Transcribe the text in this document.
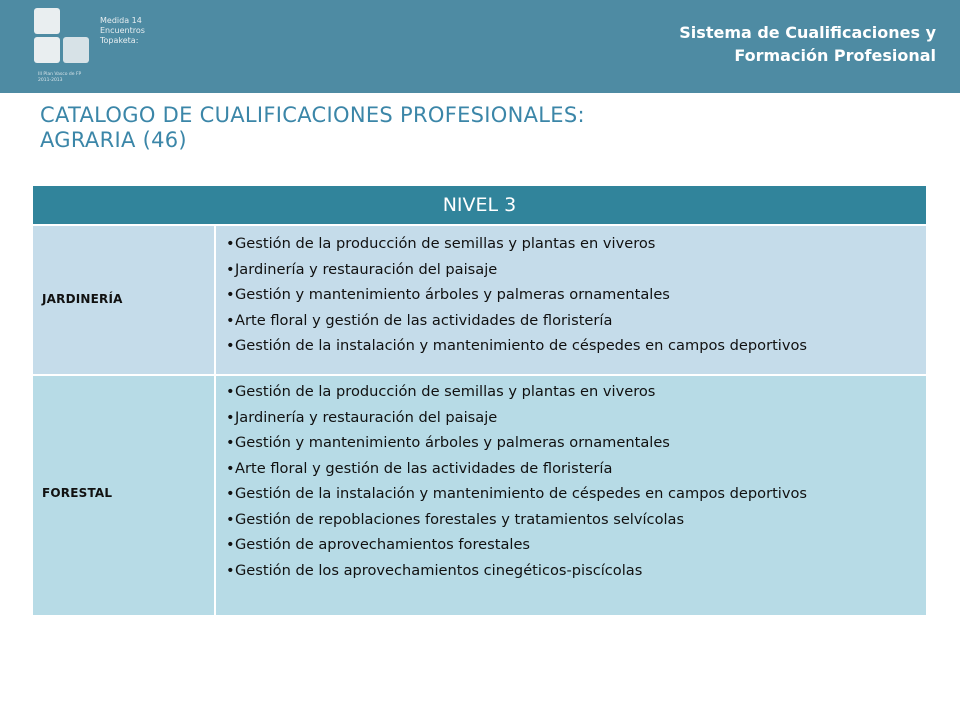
Medida 14
Encuentros
Topaketa:
III Plan Vasco de FP
2011-2013
Sistema de Cualificaciones y
Formación Profesional
CATALOGO DE CUALIFICACIONES PROFESIONALES:
AGRARIA (46)
NIVEL 3
JARDINERÍA
• Gestión de la producción de semillas y plantas en viveros
• Jardinería y restauración del paisaje
• Gestión y mantenimiento árboles y palmeras ornamentales
• Arte floral y gestión de las actividades de floristería
• Gestión de la instalación y mantenimiento de céspedes en campos deportivos
FORESTAL
• Gestión de la producción de semillas y plantas en viveros
• Jardinería y restauración del paisaje
• Gestión y mantenimiento árboles y palmeras ornamentales
• Arte floral y gestión de las actividades de floristería
• Gestión de la instalación y mantenimiento de céspedes en campos deportivos
• Gestión de repoblaciones forestales y tratamientos selvícolas
• Gestión de aprovechamientos forestales
• Gestión de los aprovechamientos cinegéticos-piscícolas
